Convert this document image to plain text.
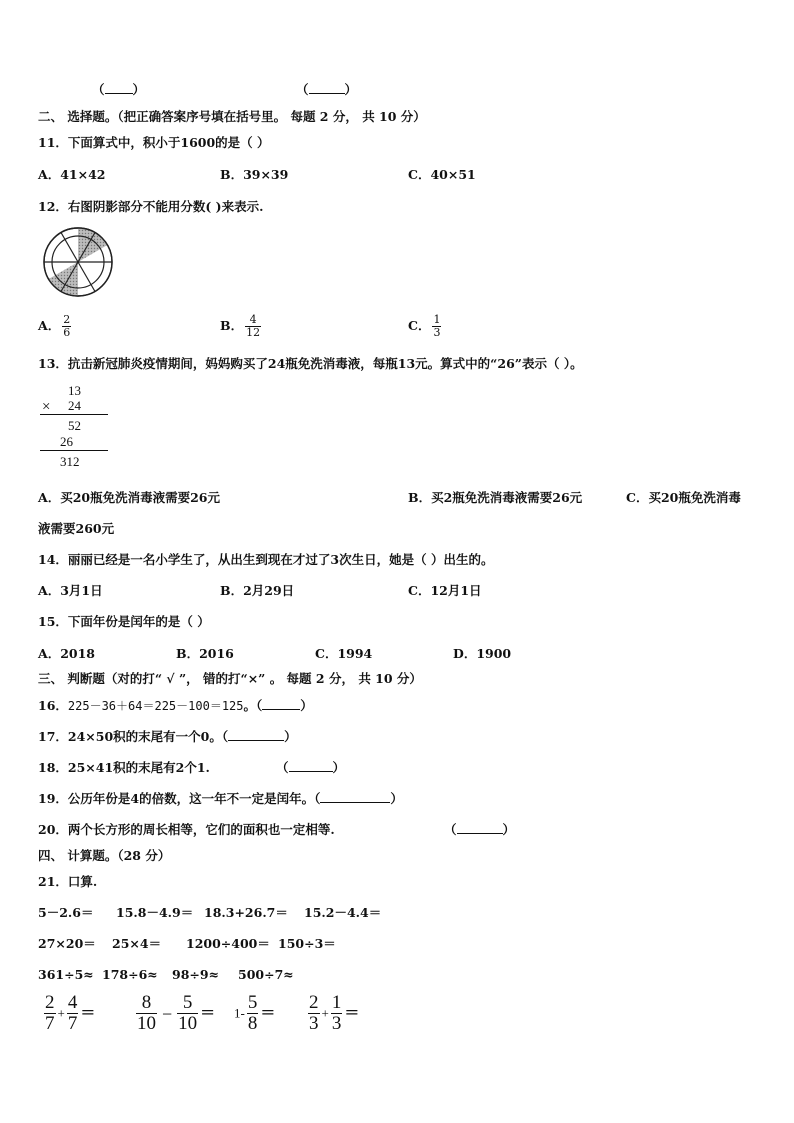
（ ）	（	）
二、 选择题。（把正确答案序号填在括号里。 每题 2 分， 共 10 分）
11．下面算式中，积小于1600的是（ ）
A．41×42	B．39×39	C．40×51
12．右图阴影部分不能用分数( )来表示.
A． $\frac{2}{6}$	B． $\frac{4}{12}$	C． $\frac{1}{3}$
13．抗击新冠肺炎疫情期间，妈妈购买了24瓶免洗消毒液，每瓶13元。算式中的“26”表示（ ）。
13
× 24
52
26
312
A．买20瓶免洗消毒液需要26元	B．买2瓶免洗消毒液需要26元	C．买20瓶免洗消毒
液需要260元
14．丽丽已经是一名小学生了，从出生到现在才过了3次生日，她是（ ）出生的。
A．3月1日	B．2月29日	C．12月1日
15．下面年份是闰年的是（ ）
A．2018	B．2016	C．1994	D．1900
三、 判断题（对的打“ √ ”， 错的打“×” 。 每题 2 分， 共 10 分）
16．225－36＋64＝225－100＝125。（	）
17．24×50积的末尾有一个0。（	）
18．25×41积的末尾有2个1.	（	）
19．公历年份是4的倍数，这一年不一定是闰年。（	）
20．两个长方形的周长相等，它们的面积也一定相等.	（	）
四、 计算题。（28 分）
21．口算.
5－2.6＝ 15.8－4.9＝ 18.3+26.7＝ 15.2－4.4＝
27×20＝ 25×4＝ 1200÷400＝ 150÷3＝
361÷5≈ 178÷6≈ 98÷9≈ 500÷7≈
$\frac{2}{7} + \frac{4}{7} = \frac{8}{10} - \frac{5}{10} = 1- \frac{5}{8} = \frac{2}{3} + \frac{1}{3}$ ＝
